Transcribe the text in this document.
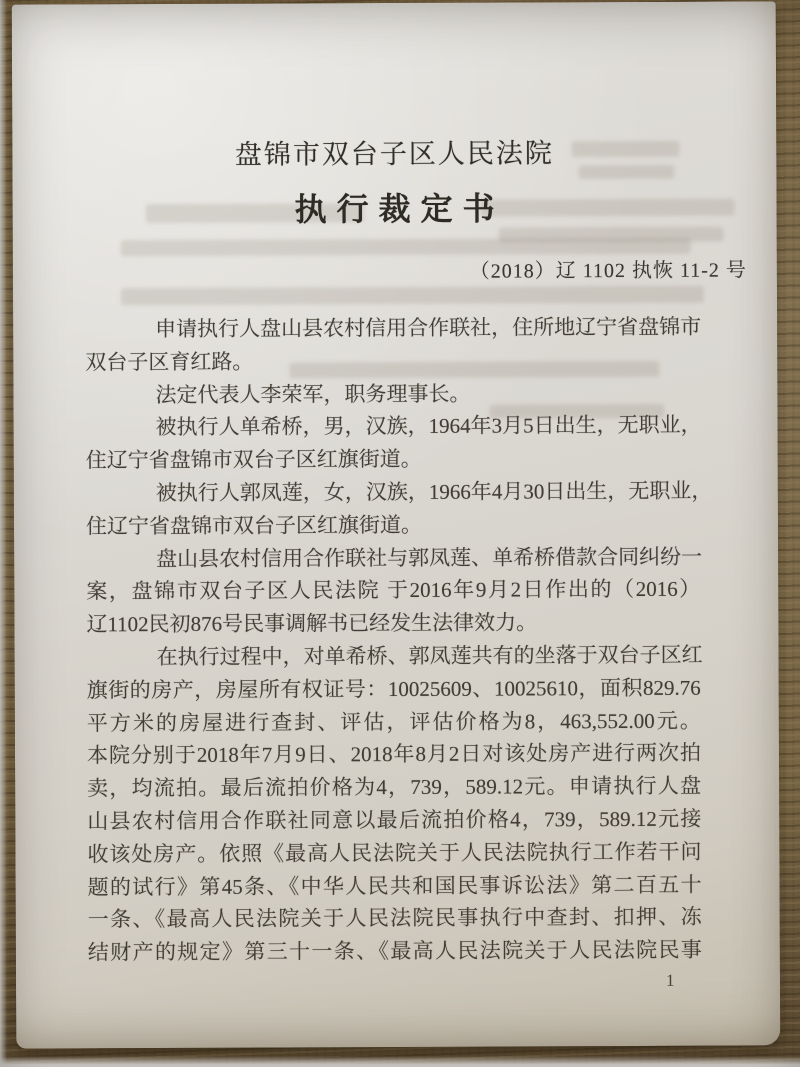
盘锦市双台子区人民法院
执行裁定书
（2018）辽 1102 执恢 11-2 号
申请执行人盘山县农村信用合作联社，住所地辽宁省盘锦市
双台子区育红路。
法定代表人李荣军，职务理事长。
被执行人单希桥，男，汉族，1964年3月5日出生，无职业，
住辽宁省盘锦市双台子区红旗街道。
被执行人郭凤莲，女，汉族，1966年4月30日出生，无职业，
住辽宁省盘锦市双台子区红旗街道。
盘山县农村信用合作联社与郭凤莲、单希桥借款合同纠纷一
案，盘锦市双台子区人民法院 于2016年9月2日作出的（2016）
辽1102民初876号民事调解书已经发生法律效力。
在执行过程中，对单希桥、郭凤莲共有的坐落于双台子区红
旗街的房产，房屋所有权证号：10025609、10025610，面积829.76
平方米的房屋进行查封、评估，评估价格为8，463,552.00元。
本院分别于2018年7月9日、2018年8月2日对该处房产进行两次拍
卖，均流拍。最后流拍价格为4，739，589.12元。申请执行人盘
山县农村信用合作联社同意以最后流拍价格4，739，589.12元接
收该处房产。依照《最高人民法院关于人民法院执行工作若干问
题的试行》第45条、《中华人民共和国民事诉讼法》第二百五十
一条、《最高人民法院关于人民法院民事执行中查封、扣押、冻
结财产的规定》第三十一条、《最高人民法院关于人民法院民事
1
